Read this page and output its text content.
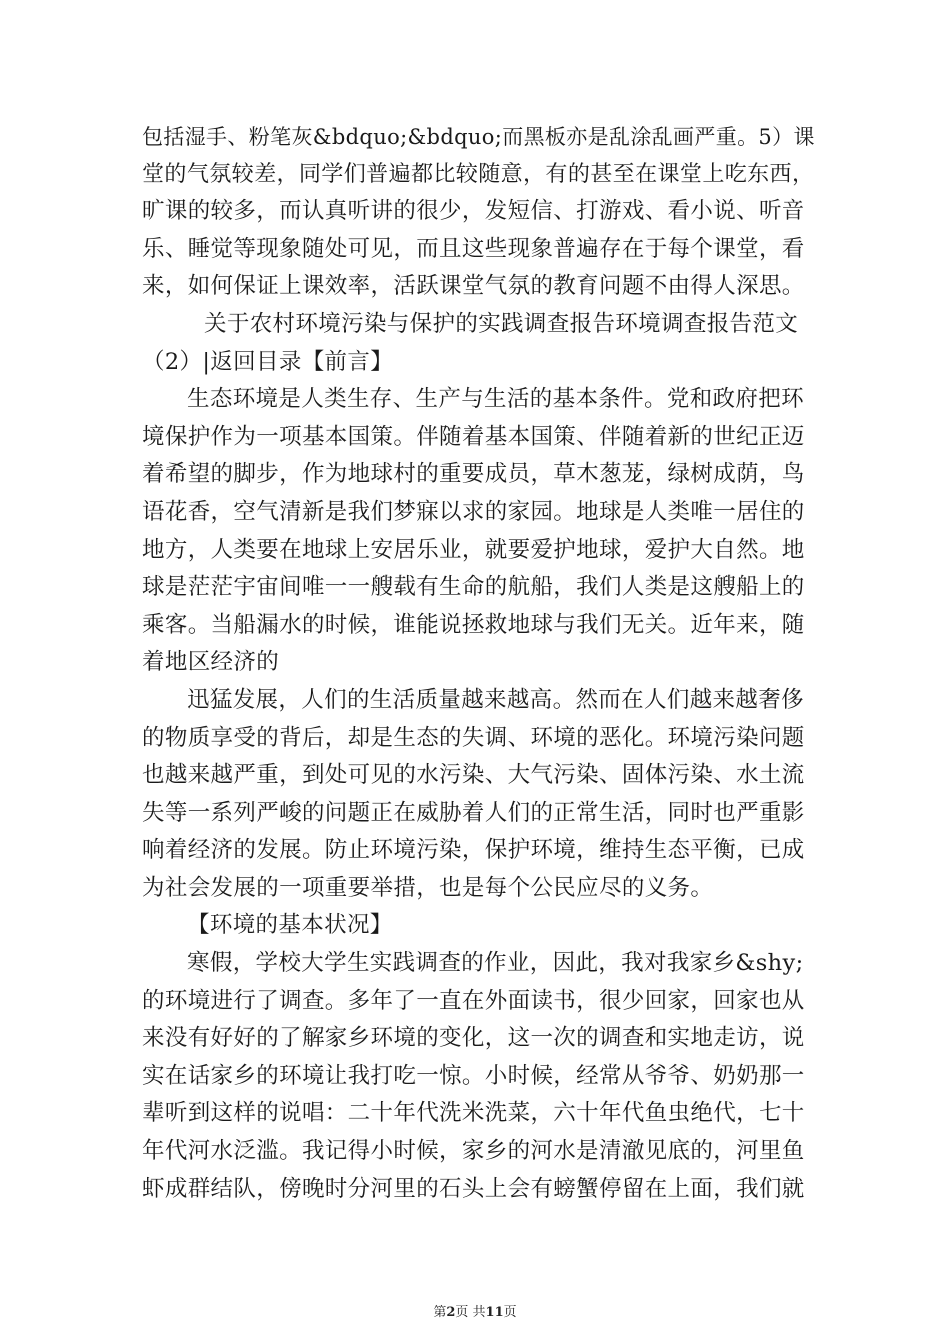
包括湿手、粉笔灰&bdquo;&bdquo;而黑板亦是乱涂乱画严重。5）课
堂的气氛较差，同学们普遍都比较随意，有的甚至在课堂上吃东西，
旷课的较多，而认真听讲的很少，发短信、打游戏、看小说、听音
乐、睡觉等现象随处可见，而且这些现象普遍存在于每个课堂，看
来，如何保证上课效率，活跃课堂气氛的教育问题不由得人深思。
关于农村环境污染与保护的实践调查报告环境调查报告范文
（2）|返回目录【前言】
生态环境是人类生存、生产与生活的基本条件。党和政府把环
境保护作为一项基本国策。伴随着基本国策、伴随着新的世纪正迈
着希望的脚步，作为地球村的重要成员，草木葱茏，绿树成荫，鸟
语花香，空气清新是我们梦寐以求的家园。地球是人类唯一居住的
地方，人类要在地球上安居乐业，就要爱护地球，爱护大自然。地
球是茫茫宇宙间唯一一艘载有生命的航船，我们人类是这艘船上的
乘客。当船漏水的时候，谁能说拯救地球与我们无关。近年来，随
着地区经济的
迅猛发展，人们的生活质量越来越高。然而在人们越来越奢侈
的物质享受的背后，却是生态的失调、环境的恶化。环境污染问题
也越来越严重，到处可见的水污染、大气污染、固体污染、水土流
失等一系列严峻的问题正在威胁着人们的正常生活，同时也严重影
响着经济的发展。防止环境污染，保护环境，维持生态平衡，已成
为社会发展的一项重要举措，也是每个公民应尽的义务。
【环境的基本状况】
寒假，学校大学生实践调查的作业，因此，我对我家乡&shy;
的环境进行了调查。多年了一直在外面读书，很少回家，回家也从
来没有好好的了解家乡环境的变化，这一次的调查和实地走访，说
实在话家乡的环境让我打吃一惊。小时候，经常从爷爷、奶奶那一
辈听到这样的说唱：二十年代洗米洗菜，六十年代鱼虫绝代，七十
年代河水泛滥。我记得小时候，家乡的河水是清澈见底的，河里鱼
虾成群结队，傍晚时分河里的石头上会有螃蟹停留在上面，我们就
第2页 共11页
